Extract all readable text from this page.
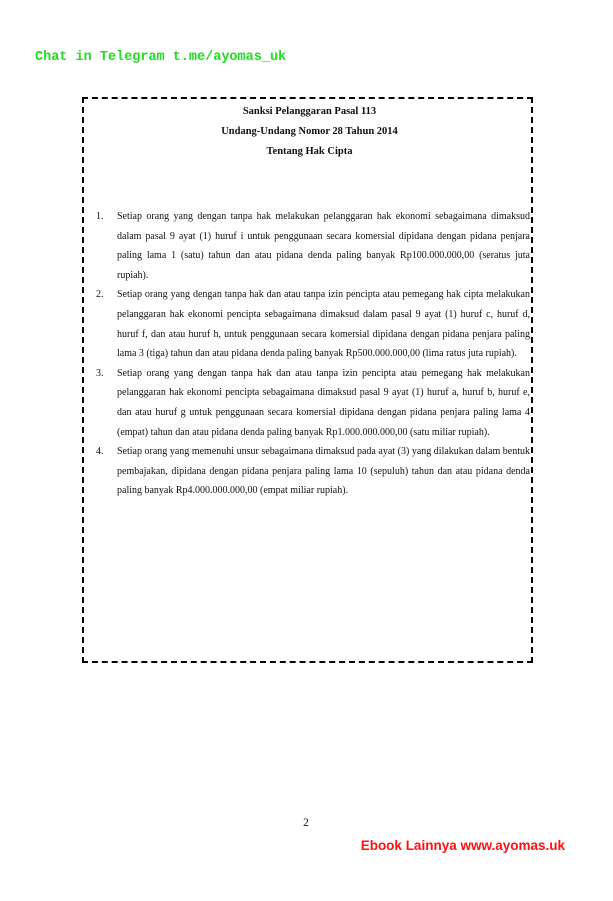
Chat in Telegram t.me/ayomas_uk
Sanksi Pelanggaran Pasal 113
Undang-Undang Nomor 28 Tahun 2014
Tentang Hak Cipta
1. Setiap orang yang dengan tanpa hak melakukan pelanggaran hak ekonomi sebagaimana dimaksud dalam pasal 9 ayat (1) huruf i untuk penggunaan secara komersial dipidana dengan pidana penjara paling lama 1 (satu) tahun dan atau pidana denda paling banyak Rp100.000.000,00 (seratus juta rupiah).
2. Setiap orang yang dengan tanpa hak dan atau tanpa izin pencipta atau pemegang hak cipta melakukan pelanggaran hak ekonomi pencipta sebagaimana dimaksud dalam pasal 9 ayat (1) huruf c, huruf d, huruf f, dan atau huruf h, untuk penggunaan secara komersial dipidana dengan pidana penjara paling lama 3 (tiga) tahun dan atau pidana denda paling banyak Rp500.000.000,00 (lima ratus juta rupiah).
3. Setiap orang yang dengan tanpa hak dan atau tanpa izin pencipta atau pemegang hak melakukan pelanggaran hak ekonomi pencipta sebagaimana dimaksud pasal 9 ayat (1) huruf a, huruf b, huruf e, dan atau huruf g untuk penggunaan secara komersial dipidana dengan pidana penjara paling lama 4 (empat) tahun dan atau pidana denda paling banyak Rp1.000.000.000,00 (satu miliar rupiah).
4. Setiap orang yang memenuhi unsur sebagaimana dimaksud pada ayat (3) yang dilakukan dalam bentuk pembajakan, dipidana dengan pidana penjara paling lama 10 (sepuluh) tahun dan atau pidana denda paling banyak Rp4.000.000.000,00 (empat miliar rupiah).
2
Ebook Lainnya www.ayomas.uk
